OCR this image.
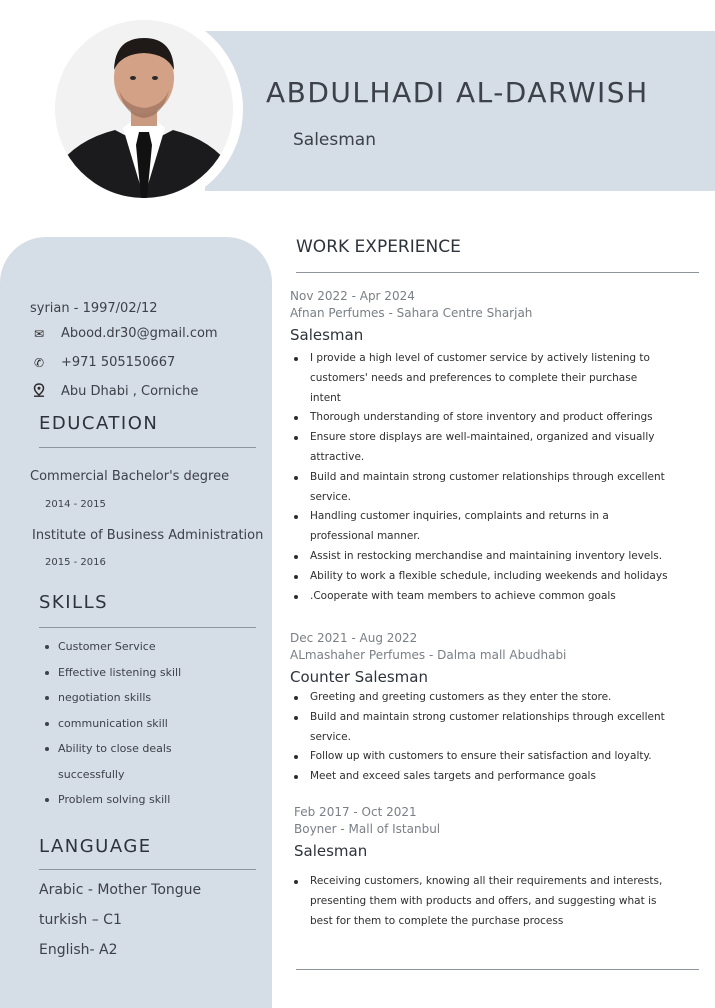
ABDULHADI AL-DARWISH
Salesman
syrian - 1997/02/12
✉	Abood.dr30@gmail.com
✆	+971 505150667
Abu Dhabi , Corniche
EDUCATION
Commercial Bachelor's degree
2014 - 2015
Institute of Business Administration
2015 - 2016
SKILLS
Customer Service
Effective listening skill
negotiation skills
communication skill
Ability to close deals
successfully
Problem solving skill
LANGUAGE
Arabic - Mother Tongue
turkish – C1
English- A2
WORK EXPERIENCE
Nov 2022 - Apr 2024
Afnan Perfumes - Sahara Centre Sharjah
Salesman
I provide a high level of customer service by actively listening to
customers' needs and preferences to complete their purchase
intent
Thorough understanding of store inventory and product offerings
Ensure store displays are well-maintained, organized and visually
attractive.
Build and maintain strong customer relationships through excellent
service.
Handling customer inquiries, complaints and returns in a
professional manner.
Assist in restocking merchandise and maintaining inventory levels.
Ability to work a flexible schedule, including weekends and holidays
.Cooperate with team members to achieve common goals
Dec 2021 - Aug 2022
ALmashaher Perfumes - Dalma mall Abudhabi
Counter Salesman
Greeting and greeting customers as they enter the store.
Build and maintain strong customer relationships through excellent
service.
Follow up with customers to ensure their satisfaction and loyalty.
Meet and exceed sales targets and performance goals
Feb 2017 - Oct 2021
Boyner - Mall of Istanbul
Salesman
Receiving customers, knowing all their requirements and interests,
presenting them with products and offers, and suggesting what is
best for them to complete the purchase process
